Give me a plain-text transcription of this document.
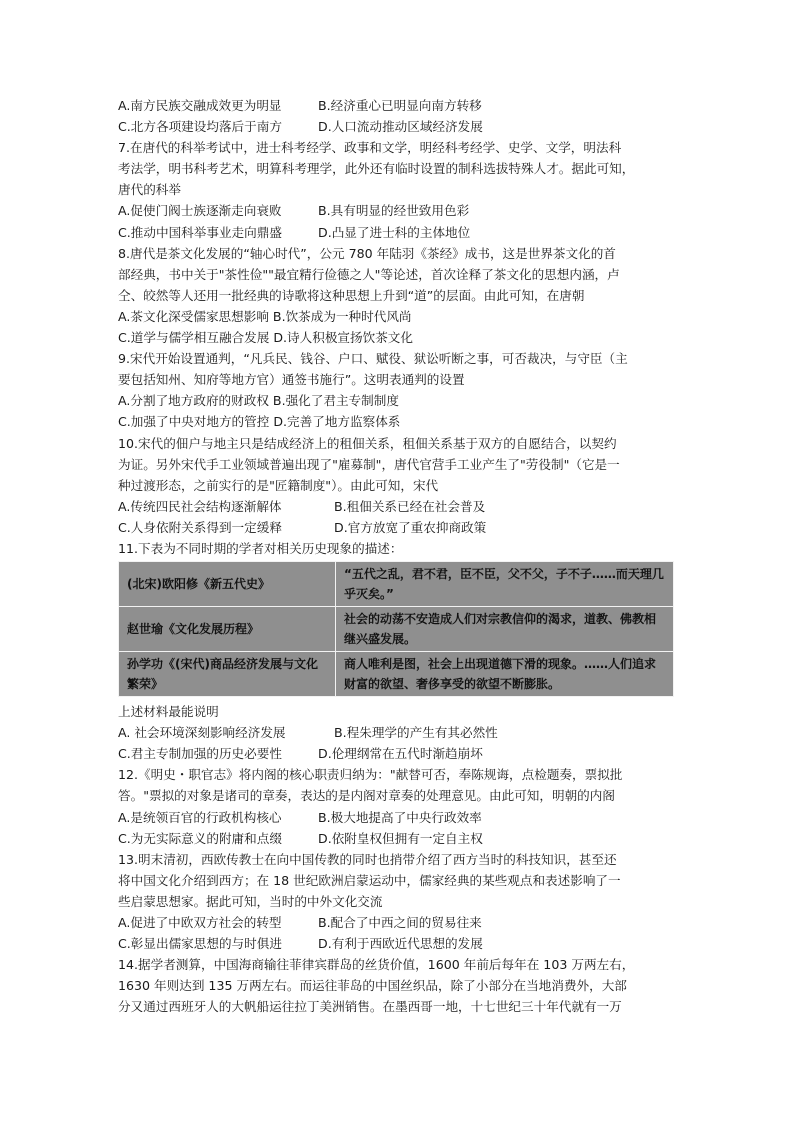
A.南方民族交融成效更为明显	B.经济重心已明显向南方转移
C.北方各项建设均落后于南方	D.人口流动推动区域经济发展
7.在唐代的科举考试中，进士科考经学、政事和文学，明经科考经学、史学、文学，明法科
考法学，明书科考艺术，明算科考理学，此外还有临时设置的制科选拔特殊人才。据此可知，
唐代的科举
A.促使门阀士族逐渐走向衰败	B.具有明显的经世致用色彩
C.推动中国科举事业走向鼎盛	D.凸显了进士科的主体地位
8.唐代是茶文化发展的“轴心时代”，公元 780 年陆羽《茶经》成书，这是世界茶文化的首
部经典，书中关于"茶性俭""最宜精行俭德之人"等论述，首次诠释了茶文化的思想内涵，卢
仝、皎然等人还用一批经典的诗歌将这种思想上升到“道”的层面。由此可知，在唐朝
A.茶文化深受儒家思想影响 B.饮茶成为一种时代风尚
C.道学与儒学相互融合发展 D.诗人积极宣扬饮茶文化
9.宋代开始设置通判，“凡兵民、钱谷、户口、赋役、狱讼听断之事，可否裁决，与守臣（主
要包括知州、知府等地方官）通签书施行”。这明表通判的设置
A.分割了地方政府的财政权 B.强化了君主专制制度
C.加强了中央对地方的管控 D.完善了地方监察体系
10.宋代的佃户与地主只是结成经济上的租佃关系，租佃关系基于双方的自愿结合，以契约
为证。另外宋代手工业领域普遍出现了"雇募制"，唐代官营手工业产生了"劳役制"（它是一
种过渡形态，之前实行的是"匠籍制度"）。由此可知，宋代
A.传统四民社会结构逐渐解体	B.租佃关系已经在社会普及
C.人身依附关系得到一定缓释	D.官方放宽了重农抑商政策
11.下表为不同时期的学者对相关历史现象的描述：
(北宋)欧阳修《新五代史》	“五代之乱，君不君，臣不臣，父不父，子不子……而天理几乎灭矣。”
赵世瑜《文化发展历程》	社会的动荡不安造成人们对宗教信仰的渴求，道教、佛教相继兴盛发展。
孙学功《(宋代)商品经济发展与文化繁荣》	商人唯利是图，社会上出现道德下滑的现象。……人们追求财富的欲望、奢侈享受的欲望不断膨胀。
上述材料最能说明
A. 社会环境深刻影响经济发展	B.程朱理学的产生有其必然性
C.君主专制加强的历史必要性	D.伦理纲常在五代时渐趋崩坏
12.《明史・职官志》将内阁的核心职责归纳为："献替可否，奉陈规诲，点检题奏，票拟批
答。"票拟的对象是诸司的章奏，表达的是内阁对章奏的处理意见。由此可知，明朝的内阁
A.是统领百官的行政机构核心	B.极大地提高了中央行政效率
C.为无实际意义的附庸和点缀	D.依附皇权但拥有一定自主权
13.明末清初，西欧传教士在向中国传教的同时也捎带介绍了西方当时的科技知识，甚至还
将中国文化介绍到西方；在 18 世纪欧洲启蒙运动中，儒家经典的某些观点和表述影响了一
些启蒙思想家。据此可知，当时的中外文化交流
A.促进了中欧双方社会的转型	B.配合了中西之间的贸易往来
C.彰显出儒家思想的与时俱进	D.有利于西欧近代思想的发展
14.据学者测算，中国海商输往菲律宾群岛的丝货价值，1600 年前后每年在 103 万两左右，
1630 年则达到 135 万两左右。而运往菲岛的中国丝织品，除了小部分在当地消费外，大部
分又通过西班牙人的大帆船运往拉丁美洲销售。在墨西哥一地，十七世纪三十年代就有一万
